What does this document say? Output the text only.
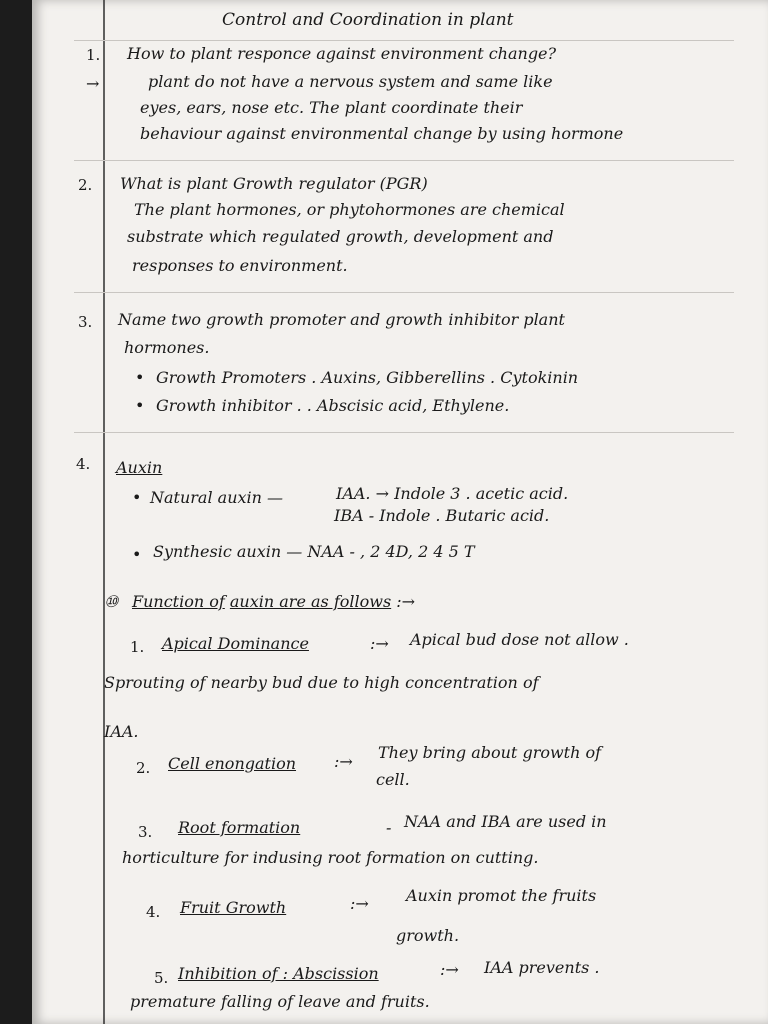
Control and Coordination in plant
1. How to plant responce against environment change?
→	plant do not have a nervous system and same like
eyes, ears, nose etc. The plant coordinate their
behaviour against environmental change by using hormone
2. What is plant Growth regulator (PGR)
The plant hormones, or phytohormones are chemical
substrate which regulated growth, development and
responses to environment.
3. Name two growth promoter and growth inhibitor plant
hormones.
• Growth Promoters . Auxins, Gibberellins . Cytokinin
• Growth inhibitor . . Abscisic acid, Ethylene.
4. Auxin
• Natural auxin —	IAA. → Indole 3 . acetic acid.
IBA - Indole . Butaric acid.
• Synthesic auxin — NAA - , 2 4D, 2 4 5 T
⑩ Function of auxin are as follows :→
1. Apical Dominance	:→ Apical bud dose not allow .
Sprouting of nearby bud due to high concentration of
IAA.
2. Cell enongation :→ They bring about growth of
cell.
3. Root formation	- NAA and IBA are used in
horticulture for indusing root formation on cutting.
4. Fruit Growth	:→ Auxin promot the fruits
growth.
5. Inhibition of : Abscission	:→ IAA prevents .
premature falling of leave and fruits.
